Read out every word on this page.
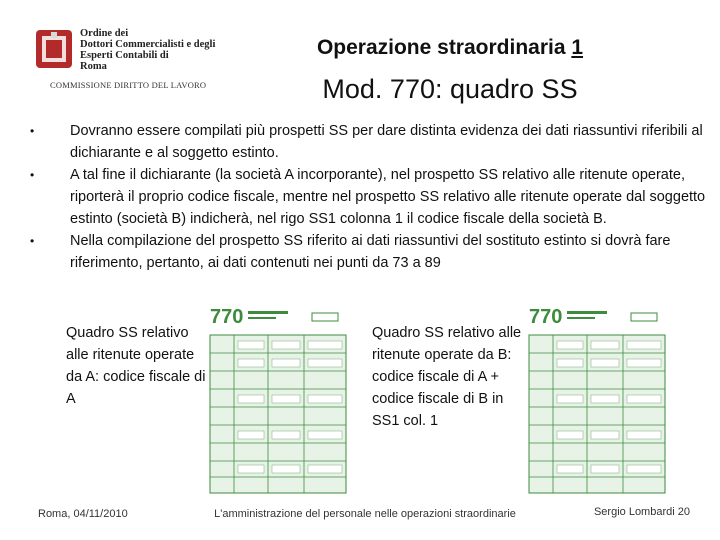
Ordine dei
Dottori Commercialisti e degli
Esperti Contabili di
Roma
COMMISSIONE DIRITTO DEL LAVORO
Operazione straordinaria 1
Mod. 770: quadro SS
• Dovranno essere compilati più prospetti SS per dare distinta evidenza dei dati riassuntivi riferibili al dichiarante e al soggetto estinto.
• A tal fine il dichiarante (la società A incorporante), nel prospetto SS relativo alle ritenute operate, riporterà il proprio codice fiscale, mentre nel prospetto SS relativo alle ritenute operate dal soggetto estinto (società B) indicherà, nel rigo SS1 colonna 1 il codice fiscale della società B.
• Nella compilazione del prospetto SS riferito ai dati riassuntivi del sostituto estinto si dovrà fare riferimento, pertanto, ai dati contenuti nei punti da 73 a 89
Quadro SS relativo alle ritenute operate da A: codice fiscale di A
Quadro SS relativo alle ritenute operate da B: codice fiscale di A + codice fiscale di B in SS1 col. 1
770	770
Roma, 04/11/2010	L'amministrazione del personale nelle operazioni straordinarie	Sergio Lombardi 20
